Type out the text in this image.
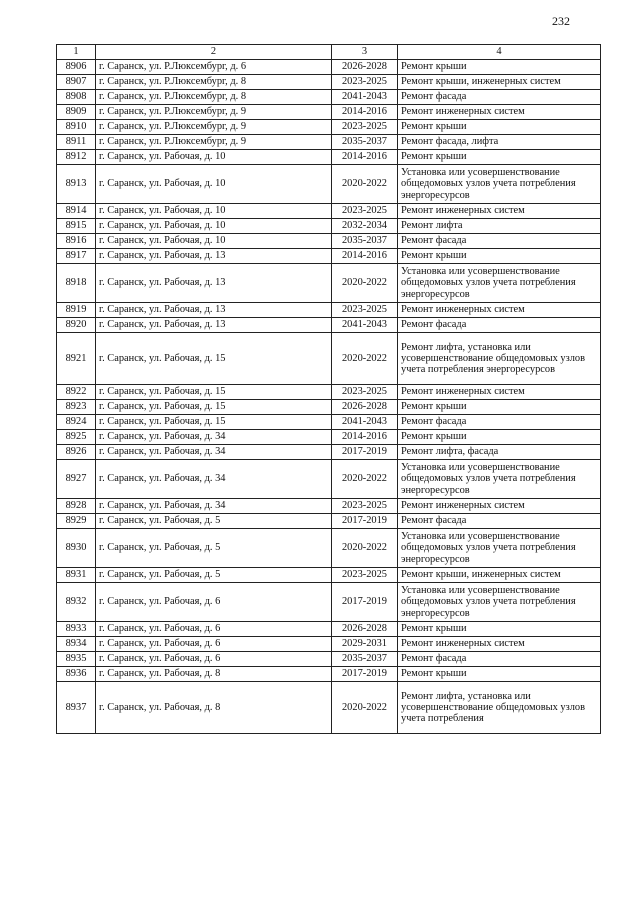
232
1	2	3	4
8906	г. Саранск, ул. Р.Люксембург, д. 6	2026-2028	Ремонт крыши
8907	г. Саранск, ул. Р.Люксембург, д. 8	2023-2025	Ремонт крыши, инженерных систем
8908	г. Саранск, ул. Р.Люксембург, д. 8	2041-2043	Ремонт фасада
8909	г. Саранск, ул. Р.Люксембург, д. 9	2014-2016	Ремонт инженерных систем
8910	г. Саранск, ул. Р.Люксембург, д. 9	2023-2025	Ремонт крыши
8911	г. Саранск, ул. Р.Люксембург, д. 9	2035-2037	Ремонт фасада, лифта
8912	г. Саранск, ул. Рабочая, д. 10	2014-2016	Ремонт крыши
8913	г. Саранск, ул. Рабочая, д. 10	2020-2022	Установка или усовершенствование общедомовых узлов учета потребления энергоресурсов
8914	г. Саранск, ул. Рабочая, д. 10	2023-2025	Ремонт инженерных систем
8915	г. Саранск, ул. Рабочая, д. 10	2032-2034	Ремонт лифта
8916	г. Саранск, ул. Рабочая, д. 10	2035-2037	Ремонт фасада
8917	г. Саранск, ул. Рабочая, д. 13	2014-2016	Ремонт крыши
8918	г. Саранск, ул. Рабочая, д. 13	2020-2022	Установка или усовершенствование общедомовых узлов учета потребления энергоресурсов
8919	г. Саранск, ул. Рабочая, д. 13	2023-2025	Ремонт инженерных систем
8920	г. Саранск, ул. Рабочая, д. 13	2041-2043	Ремонт фасада
8921	г. Саранск, ул. Рабочая, д. 15	2020-2022	Ремонт лифта, установка или усовершенствование общедомовых узлов учета потребления энергоресурсов
8922	г. Саранск, ул. Рабочая, д. 15	2023-2025	Ремонт инженерных систем
8923	г. Саранск, ул. Рабочая, д. 15	2026-2028	Ремонт крыши
8924	г. Саранск, ул. Рабочая, д. 15	2041-2043	Ремонт фасада
8925	г. Саранск, ул. Рабочая, д. 34	2014-2016	Ремонт крыши
8926	г. Саранск, ул. Рабочая, д. 34	2017-2019	Ремонт лифта, фасада
8927	г. Саранск, ул. Рабочая, д. 34	2020-2022	Установка или усовершенствование общедомовых узлов учета потребления энергоресурсов
8928	г. Саранск, ул. Рабочая, д. 34	2023-2025	Ремонт инженерных систем
8929	г. Саранск, ул. Рабочая, д. 5	2017-2019	Ремонт фасада
8930	г. Саранск, ул. Рабочая, д. 5	2020-2022	Установка или усовершенствование общедомовых узлов учета потребления энергоресурсов
8931	г. Саранск, ул. Рабочая, д. 5	2023-2025	Ремонт крыши, инженерных систем
8932	г. Саранск, ул. Рабочая, д. 6	2017-2019	Установка или усовершенствование общедомовых узлов учета потребления энергоресурсов
8933	г. Саранск, ул. Рабочая, д. 6	2026-2028	Ремонт крыши
8934	г. Саранск, ул. Рабочая, д. 6	2029-2031	Ремонт инженерных систем
8935	г. Саранск, ул. Рабочая, д. 6	2035-2037	Ремонт фасада
8936	г. Саранск, ул. Рабочая, д. 8	2017-2019	Ремонт крыши
8937	г. Саранск, ул. Рабочая, д. 8	2020-2022	Ремонт лифта, установка или усовершенствование общедомовых узлов учета потребления
